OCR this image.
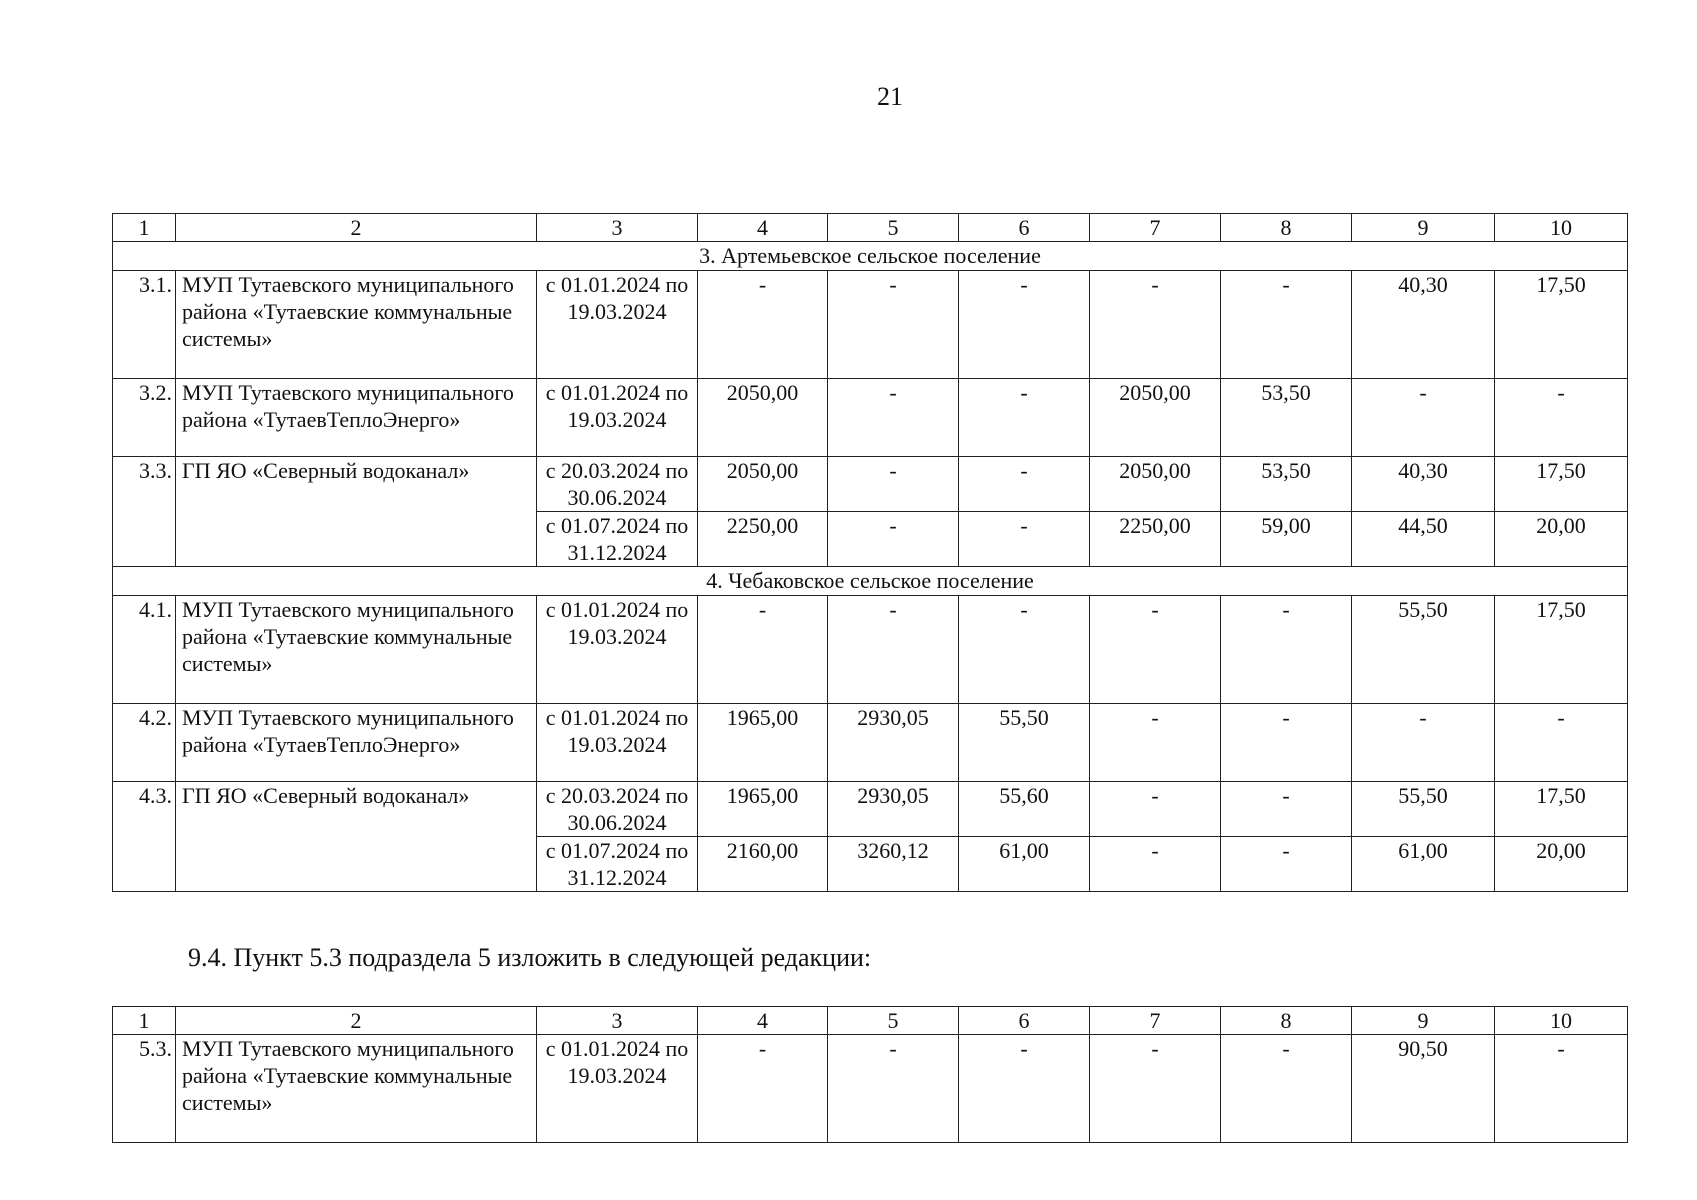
21
1	2	3	4	5	6	7	8	9	10
3. Артемьевское сельское поселение									
3.1.	МУП Тутаевского муниципального района «Тутаевские коммунальные системы»	с 01.01.2024 по 19.03.2024	-	-	-	-	-	40,30	17,50
3.2.	МУП Тутаевского муниципального района «ТутаевТеплоЭнерго»	с 01.01.2024 по 19.03.2024	2050,00	-	-	2050,00	53,50	-	-
3.3.	ГП ЯО «Северный водоканал»	с 20.03.2024 по 30.06.2024	2050,00	-	-	2050,00	53,50	40,30	17,50
		с 01.07.2024 по 31.12.2024	2250,00	-	-	2250,00	59,00	44,50	20,00
4. Чебаковское сельское поселение									
4.1.	МУП Тутаевского муниципального района «Тутаевские коммунальные системы»	с 01.01.2024 по 19.03.2024	-	-	-	-	-	55,50	17,50
4.2.	МУП Тутаевского муниципального района «ТутаевТеплоЭнерго»	с 01.01.2024 по 19.03.2024	1965,00	2930,05	55,50	-	-	-	-
4.3.	ГП ЯО «Северный водоканал»	с 20.03.2024 по 30.06.2024	1965,00	2930,05	55,60	-	-	55,50	17,50
		с 01.07.2024 по 31.12.2024	2160,00	3260,12	61,00	-	-	61,00	20,00
9.4. Пункт 5.3 подраздела 5 изложить в следующей редакции:
1	2	3	4	5	6	7	8	9	10
5.3.	МУП Тутаевского муниципального района «Тутаевские коммунальные системы»	с 01.01.2024 по 19.03.2024	-	-	-	-	-	90,50	-
